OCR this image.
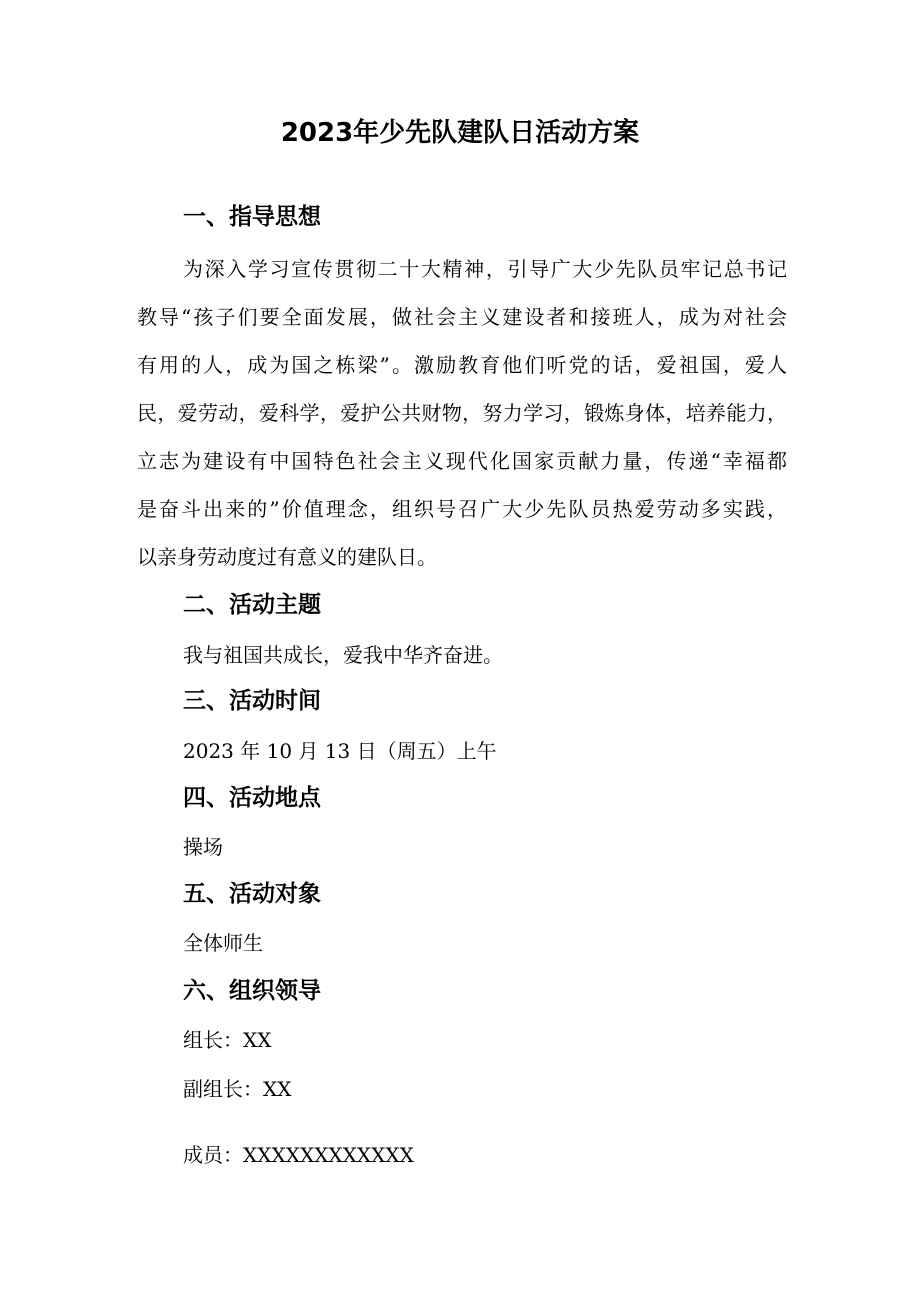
2023年少先队建队日活动方案
一、指导思想
为深入学习宣传贯彻二十大精神，引导广大少先队员牢记总书记
教导“孩子们要全面发展，做社会主义建设者和接班人，成为对社会
有用的人，成为国之栋梁”。激励教育他们听党的话，爱祖国，爱人
民，爱劳动，爱科学，爱护公共财物，努力学习，锻炼身体，培养能力，
立志为建设有中国特色社会主义现代化国家贡献力量，传递“幸福都
是奋斗出来的”价值理念，组织号召广大少先队员热爱劳动多实践，
以亲身劳动度过有意义的建队日。
二、活动主题
我与祖国共成长，爱我中华齐奋进。
三、活动时间
2023 年 10 月 13 日（周五）上午
四、活动地点
操场
五、活动对象
全体师生
六、组织领导
组长：XX
副组长：XX
成员：XXXXXXXXXXXX
